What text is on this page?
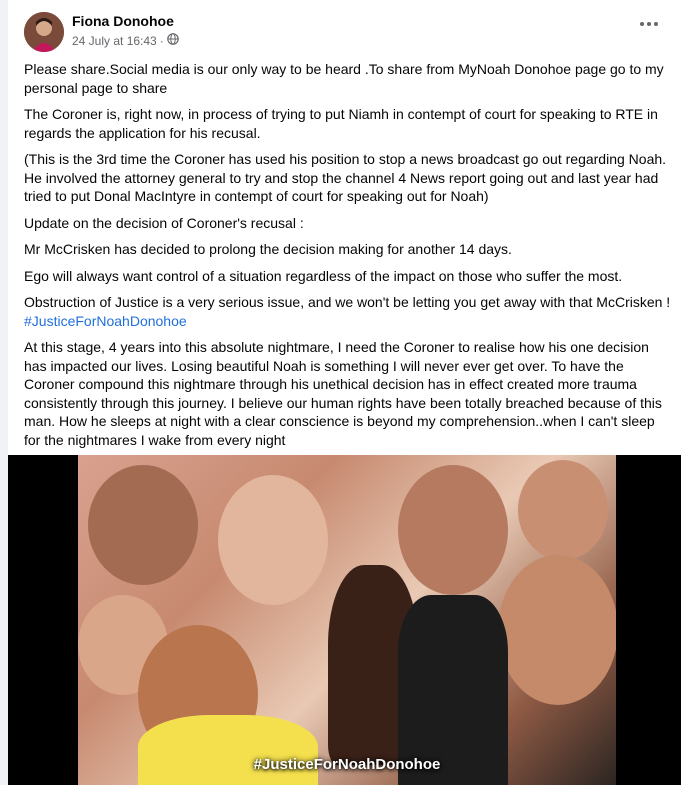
Fiona Donohoe
24 July at 16:43 ·

Please share.Social media is our only way to be heard .To share from MyNoah Donohoe page go to my personal page to share

The Coroner is, right now, in process of trying to put Niamh in contempt of court for speaking to RTE in regards the application for his recusal.

(This is the 3rd time the Coroner has used his position to stop a news broadcast go out regarding Noah. He involved the attorney general to try and stop the channel 4 News report going out and last year had tried to put Donal MacIntyre in contempt of court for speaking out for Noah)

Update on the decision of Coroner's recusal :

Mr McCrisken has decided to prolong the decision making for another 14 days.

Ego will always want control of a situation regardless of the impact on those who suffer the most.

Obstruction of Justice is a very serious issue, and we won't be letting you get away with that McCrisken !
#JusticeForNoahDonohoe

At this stage, 4 years into this absolute nightmare, I need the Coroner to realise how his one decision has impacted our lives. Losing beautiful Noah is something I will never ever get over. To have the Coroner compound this nightmare through his unethical decision has in effect created more trauma consistently through this journey. I believe our human rights have been totally breached because of this man. How he sleeps at night with a clear conscience is beyond my comprehension..when I can't sleep for the nightmares I wake from every night

#JusticeForNoahDonohoe
